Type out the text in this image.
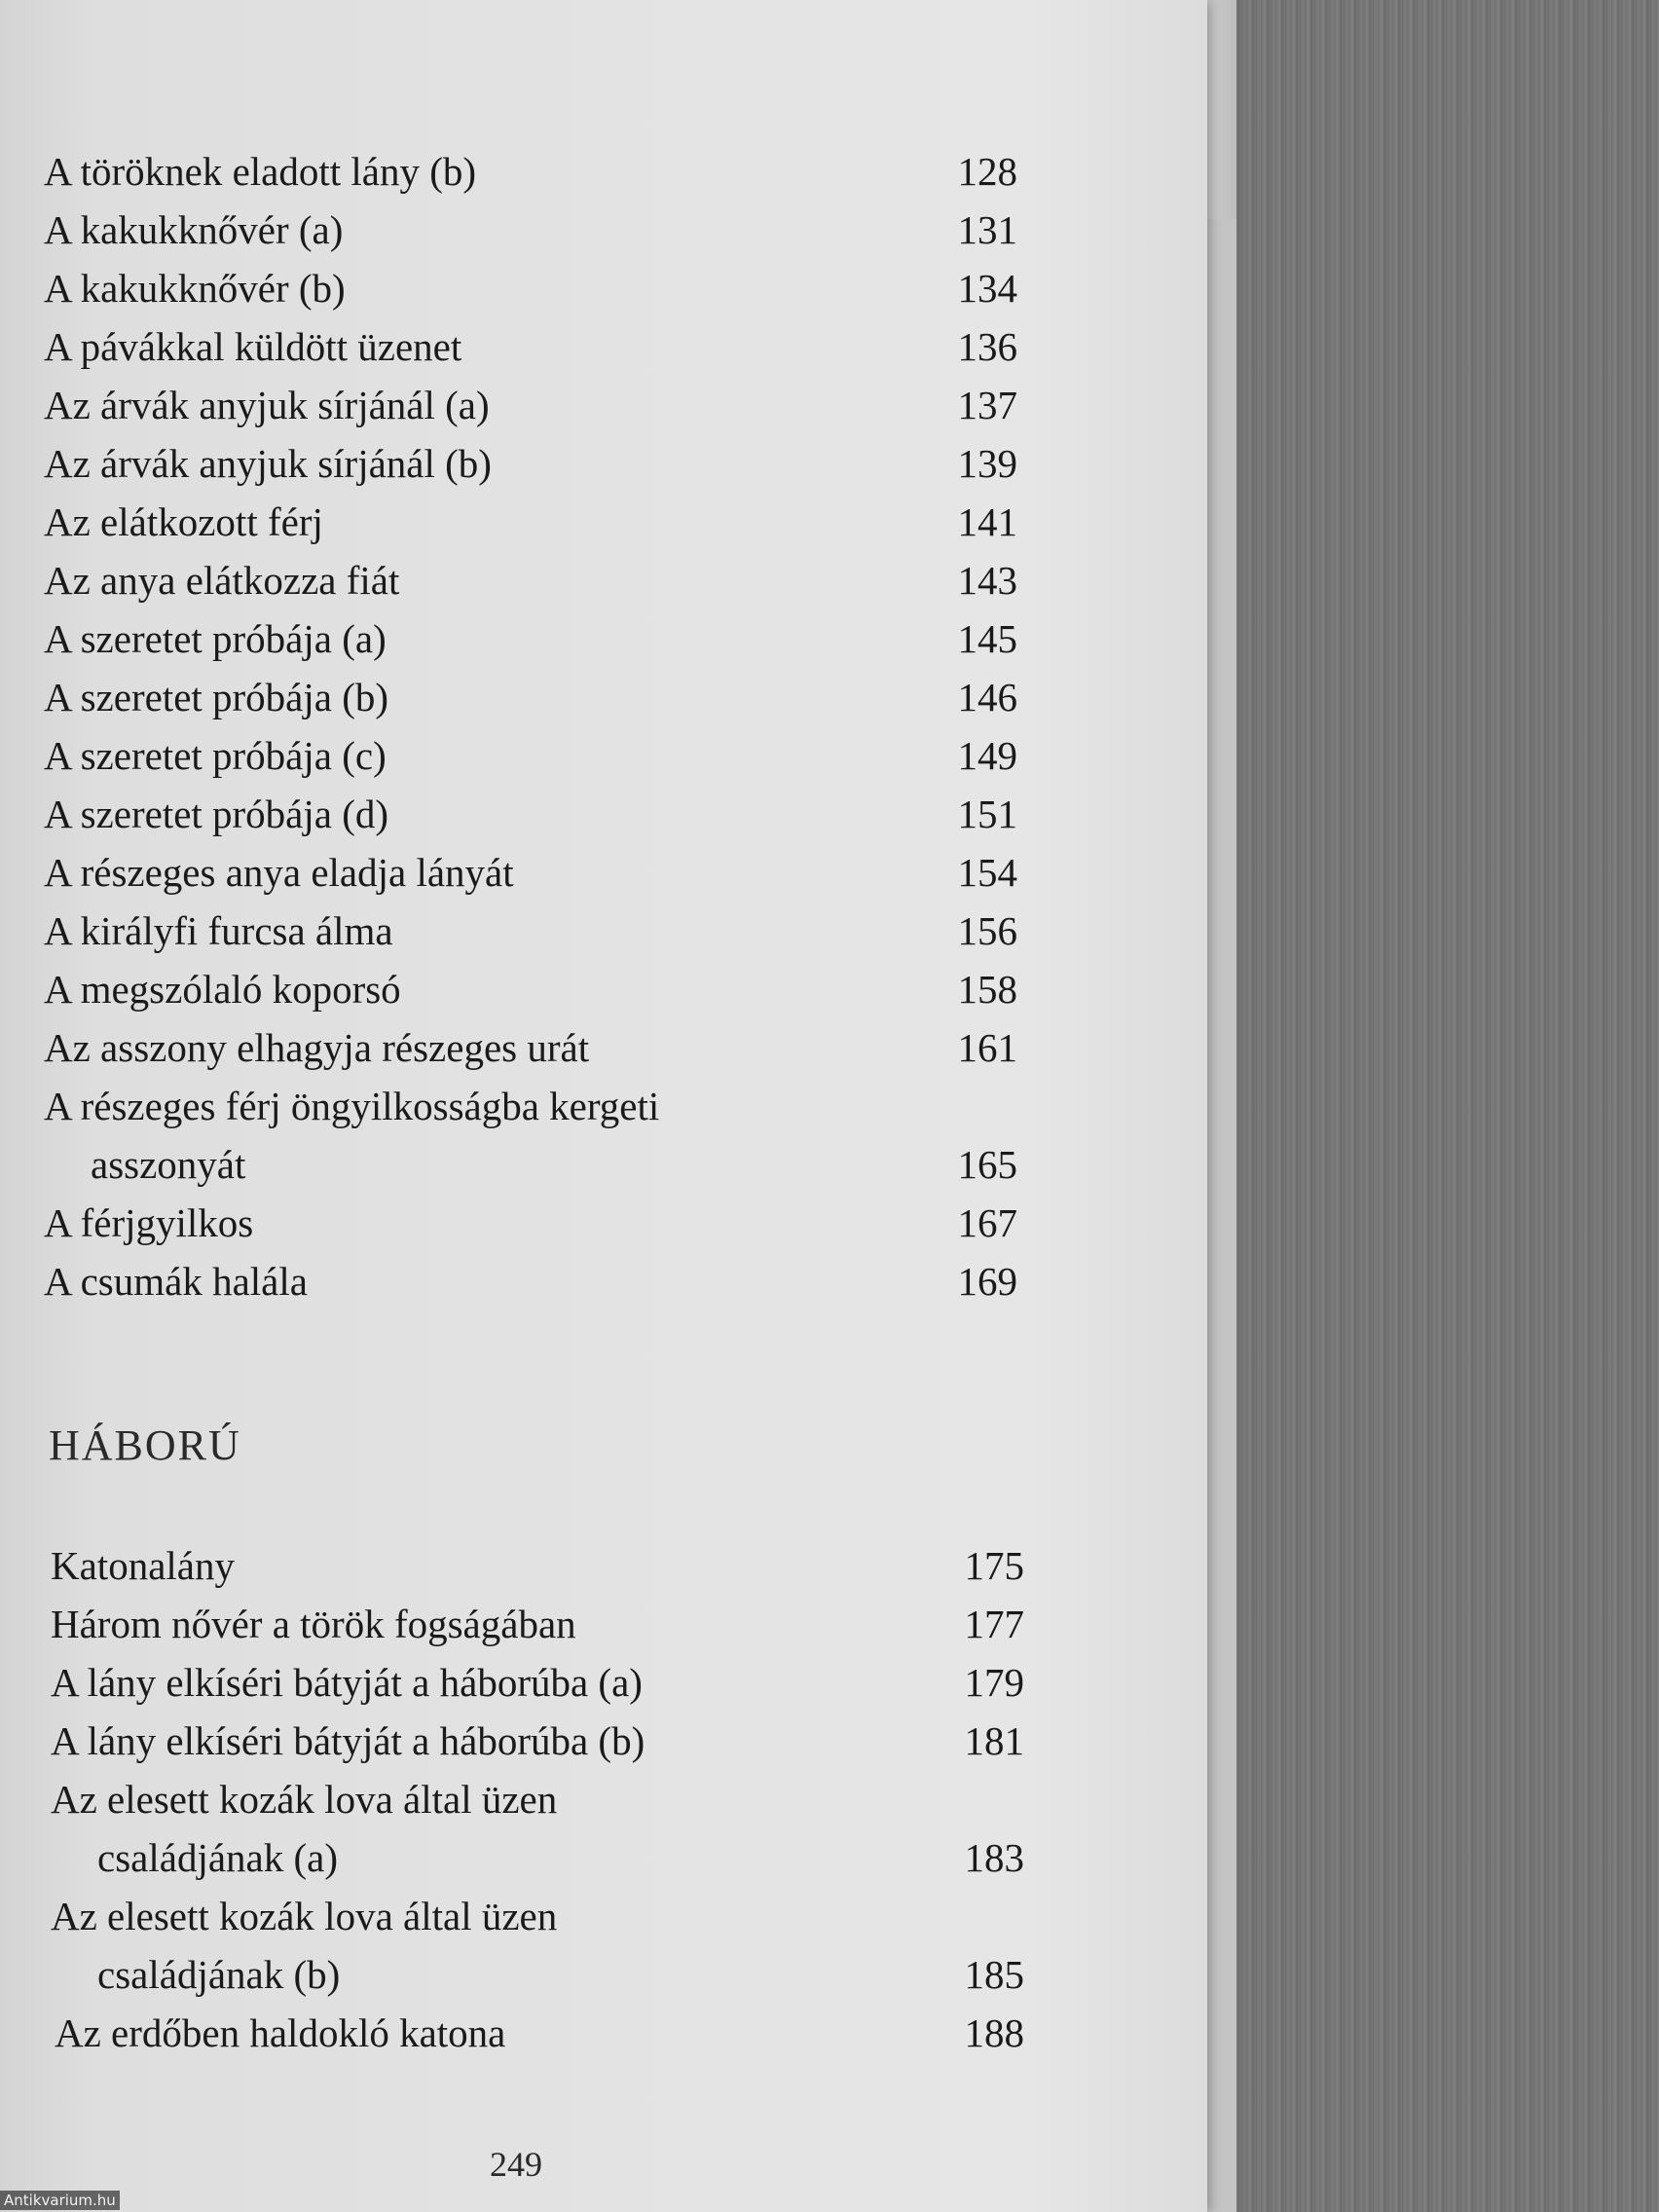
A töröknek eladott lány (b)	128
A kakukknővér (a)	131
A kakukknővér (b)	134
A pávákkal küldött üzenet	136
Az árvák anyjuk sírjánál (a)	137
Az árvák anyjuk sírjánál (b)	139
Az elátkozott férj	141
Az anya elátkozza fiát	143
A szeretet próbája (a)	145
A szeretet próbája (b)	146
A szeretet próbája (c)	149
A szeretet próbája (d)	151
A részeges anya eladja lányát	154
A királyfi furcsa álma	156
A megszólaló koporsó	158
Az asszony elhagyja részeges urát	161
A részeges férj öngyilkosságba kergeti
asszonyát	165
A férjgyilkos	167
A csumák halála	169
HÁBORÚ
Katonalány	175
Három nővér a török fogságában	177
A lány elkíséri bátyját a háborúba (a)	179
A lány elkíséri bátyját a háborúba (b)	181
Az elesett kozák lova által üzen
családjának (a)	183
Az elesett kozák lova által üzen
családjának (b)	185
Az erdőben haldokló katona	188
249
Antikvarium.hu
